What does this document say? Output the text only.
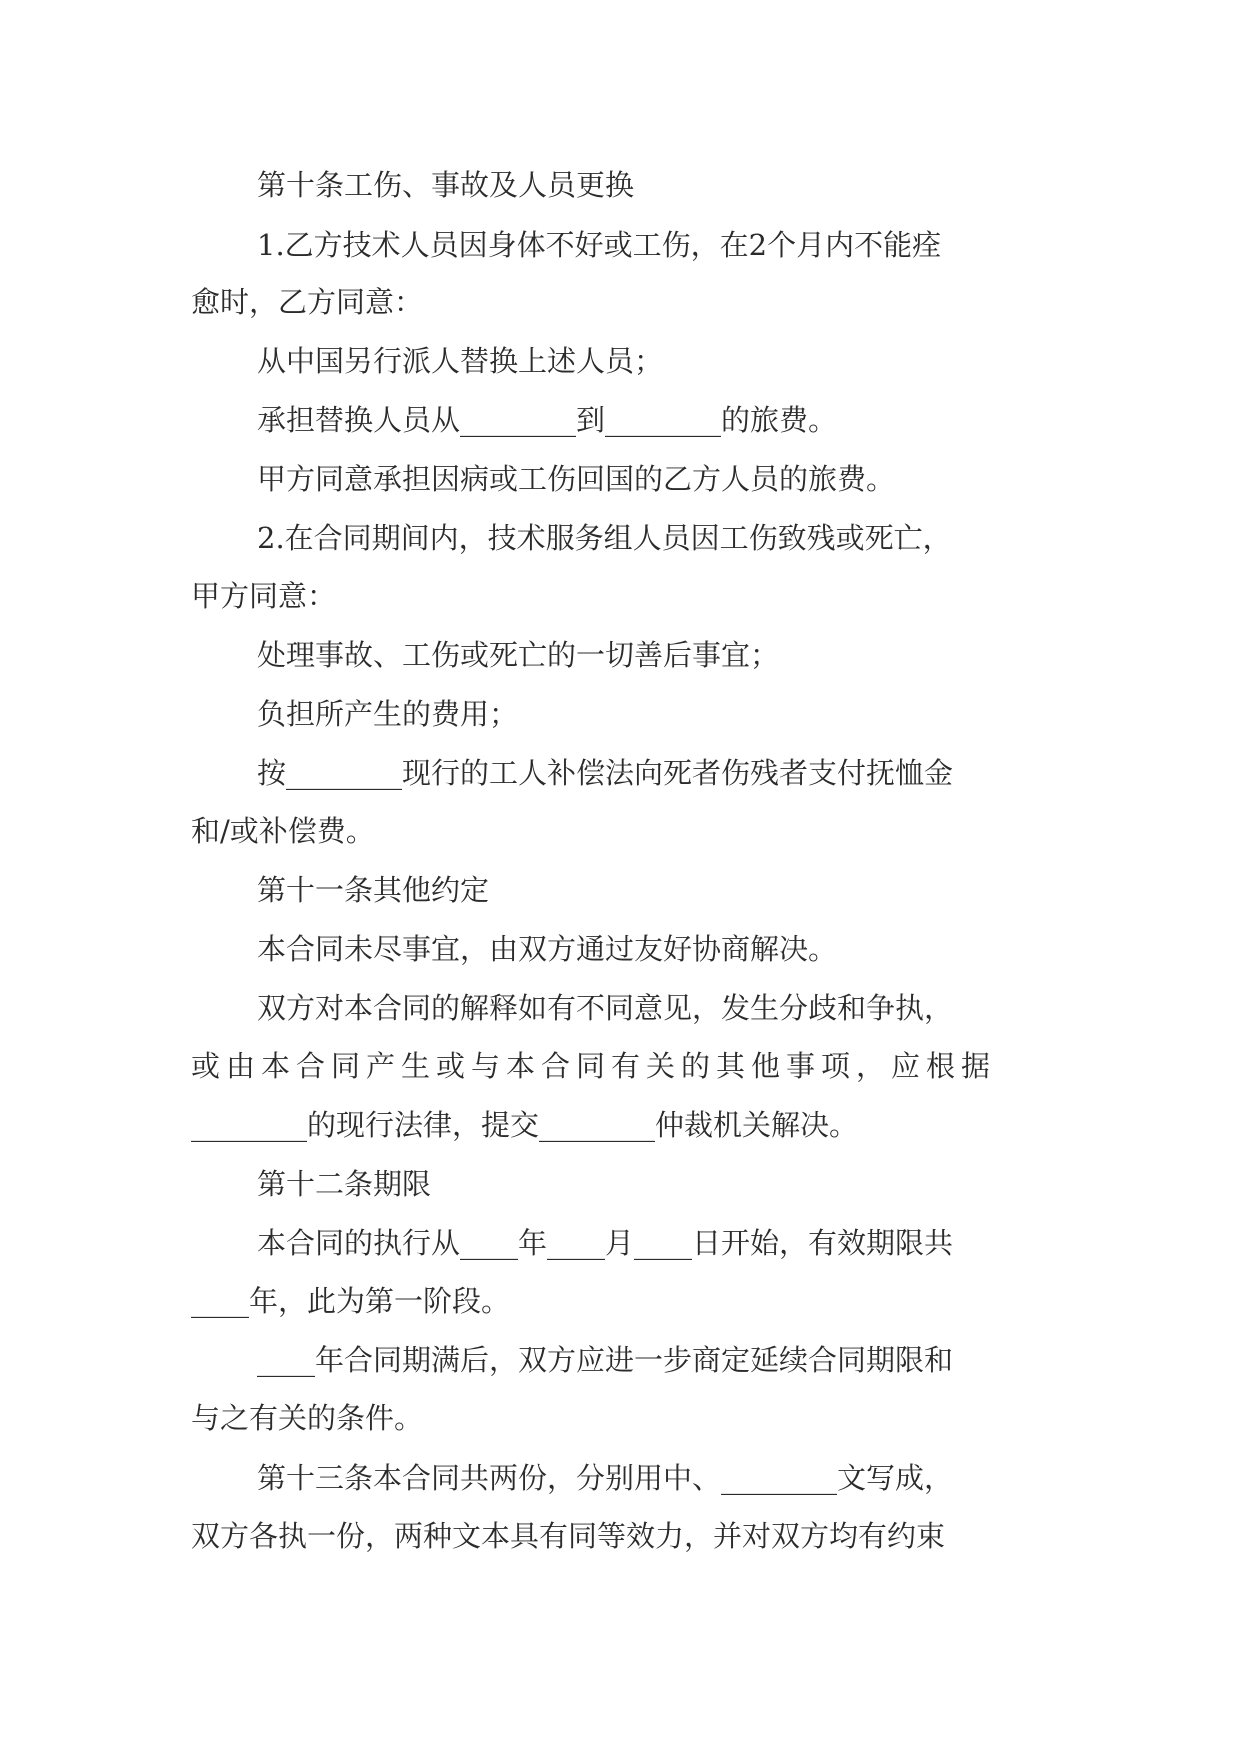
第十条工伤、事故及人员更换
1.乙方技术人员因身体不好或工伤，在2个月内不能痊
愈时，乙方同意：
从中国另行派人替换上述人员；
承担替换人员从________到________的旅费。
甲方同意承担因病或工伤回国的乙方人员的旅费。
2.在合同期间内，技术服务组人员因工伤致残或死亡，
甲方同意：
处理事故、工伤或死亡的一切善后事宜；
负担所产生的费用；
按________现行的工人补偿法向死者伤残者支付抚恤金
和/或补偿费。
第十一条其他约定
本合同未尽事宜，由双方通过友好协商解决。
双方对本合同的解释如有不同意见，发生分歧和争执，
或由本合同产生或与本合同有关的其他事项，应根据
________的现行法律，提交________仲裁机关解决。
第十二条期限
本合同的执行从____年____月____日开始，有效期限共
____年，此为第一阶段。
____年合同期满后，双方应进一步商定延续合同期限和
与之有关的条件。
第十三条本合同共两份，分别用中、________文写成，
双方各执一份，两种文本具有同等效力，并对双方均有约束
